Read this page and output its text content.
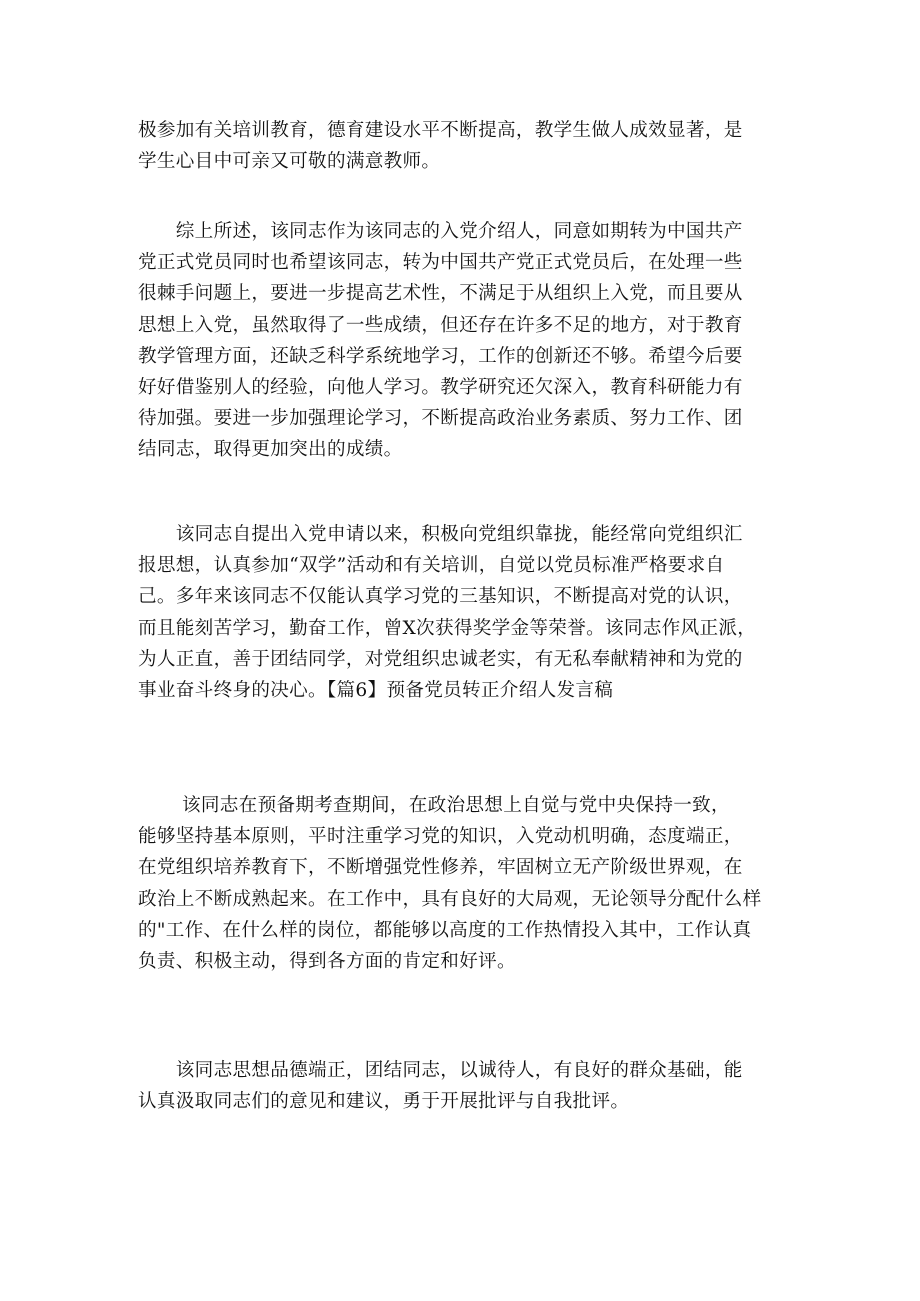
极参加有关培训教育，德育建设水平不断提高，教学生做人成效显著，是
学生心目中可亲又可敬的满意教师。

　　综上所述，该同志作为该同志的入党介绍人，同意如期转为中国共产
党正式党员同时也希望该同志，转为中国共产党正式党员后，在处理一些
很棘手问题上，要进一步提高艺术性，不满足于从组织上入党，而且要从
思想上入党，虽然取得了一些成绩，但还存在许多不足的地方，对于教育
教学管理方面，还缺乏科学系统地学习，工作的创新还不够。希望今后要
好好借鉴别人的经验，向他人学习。教学研究还欠深入，教育科研能力有
待加强。要进一步加强理论学习，不断提高政治业务素质、努力工作、团
结同志，取得更加突出的成绩。

　　该同志自提出入党申请以来，积极向党组织靠拢，能经常向党组织汇
报思想，认真参加“双学”活动和有关培训，自觉以党员标准严格要求自
己。多年来该同志不仅能认真学习党的三基知识，不断提高对党的认识，
而且能刻苦学习，勤奋工作，曾X次获得奖学金等荣誉。该同志作风正派，
为人正直，善于团结同学，对党组织忠诚老实，有无私奉献精神和为党的
事业奋斗终身的决心。【篇6】预备党员转正介绍人发言稿

　　 该同志在预备期考查期间，在政治思想上自觉与党中央保持一致，
能够坚持基本原则，平时注重学习党的知识，入党动机明确，态度端正，
在党组织培养教育下，不断增强党性修养，牢固树立无产阶级世界观，在
政治上不断成熟起来。在工作中，具有良好的大局观，无论领导分配什么样
的"工作、在什么样的岗位，都能够以高度的工作热情投入其中，工作认真
负责、积极主动，得到各方面的肯定和好评。

　　该同志思想品德端正，团结同志，以诚待人，有良好的群众基础，能
认真汲取同志们的意见和建议，勇于开展批评与自我批评。
